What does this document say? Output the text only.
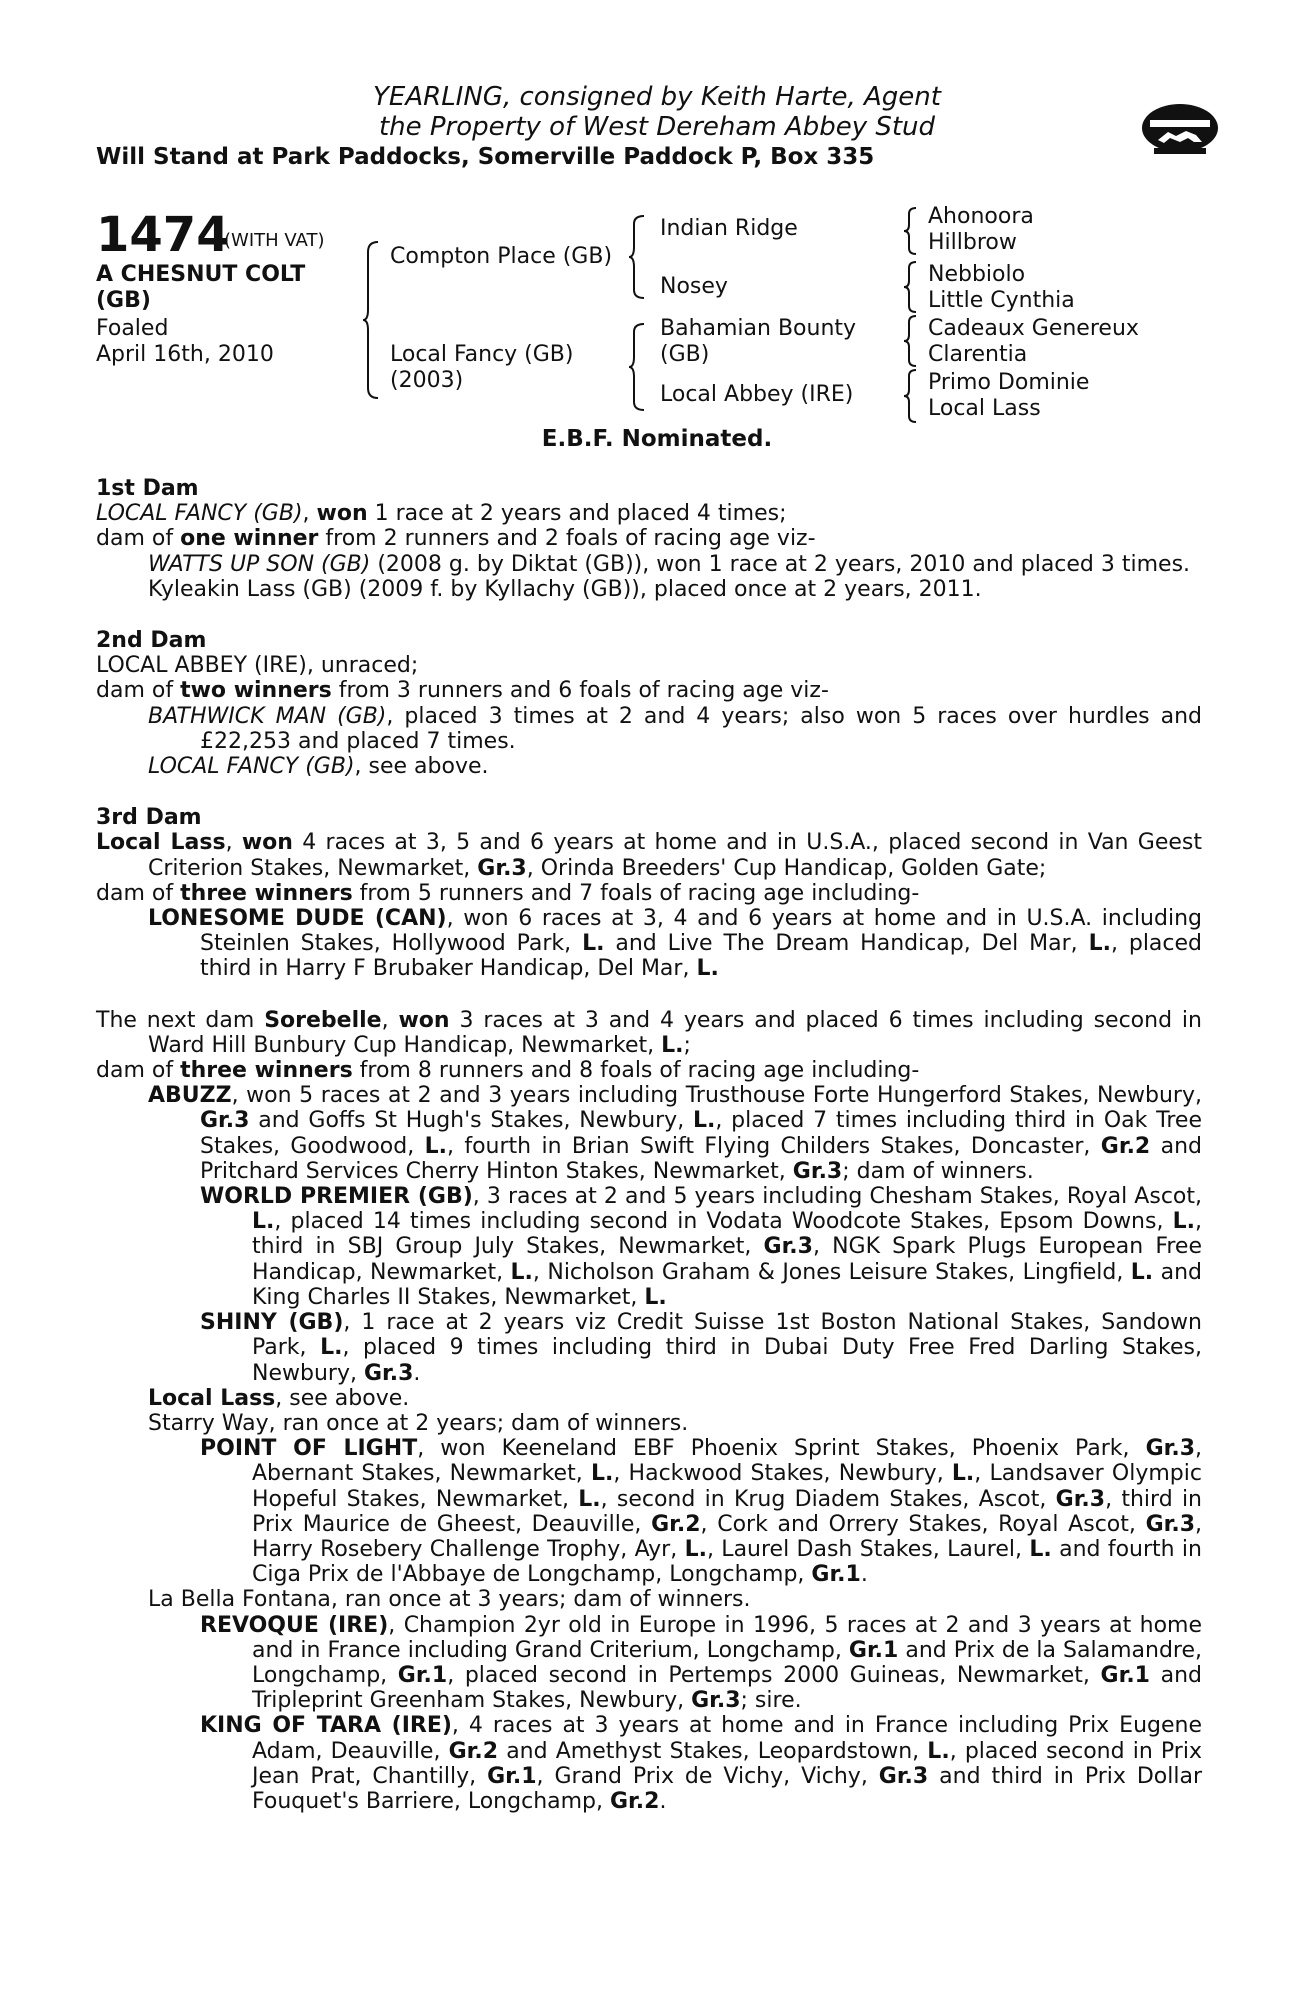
YEARLING, consigned by Keith Harte, Agent
the Property of West Dereham Abbey Stud
Will Stand at Park Paddocks, Somerville Paddock P, Box 335
1474
(WITH VAT)
A CHESNUT COLT
(GB)
Foaled
April 16th, 2010
Compton Place (GB)
Local Fancy (GB)
(2003)
Indian Ridge
Nosey
Bahamian Bounty
(GB)
Local Abbey (IRE)
Ahonoora
Hillbrow
Nebbiolo
Little Cynthia
Cadeaux Genereux
Clarentia
Primo Dominie
Local Lass
E.B.F. Nominated.

1st Dam

LOCAL FANCY (GB), won 1 race at 2 years and placed 4 times;

dam of one winner from 2 runners and 2 foals of racing age viz-

WATTS UP SON (GB) (2008 g. by Diktat (GB)), won 1 race at 2 years, 2010 and placed 3 times.

Kyleakin Lass (GB) (2009 f. by Kyllachy (GB)), placed once at 2 years, 2011.

2nd Dam

LOCAL ABBEY (IRE), unraced;

dam of two winners from 3 runners and 6 foals of racing age viz-

BATHWICK MAN (GB), placed 3 times at 2 and 4 years; also won 5 races over hurdles and £22,253 and placed 7 times.

LOCAL FANCY (GB), see above.

3rd Dam

Local Lass, won 4 races at 3, 5 and 6 years at home and in U.S.A., placed second in Van Geest Criterion Stakes, Newmarket, Gr.3, Orinda Breeders' Cup Handicap, Golden Gate;

dam of three winners from 5 runners and 7 foals of racing age including-

LONESOME DUDE (CAN), won 6 races at 3, 4 and 6 years at home and in U.S.A. including Steinlen Stakes, Hollywood Park, L. and Live The Dream Handicap, Del Mar, L., placed third in Harry F Brubaker Handicap, Del Mar, L.

The next dam Sorebelle, won 3 races at 3 and 4 years and placed 6 times including second in Ward Hill Bunbury Cup Handicap, Newmarket, L.;

dam of three winners from 8 runners and 8 foals of racing age including-

ABUZZ, won 5 races at 2 and 3 years including Trusthouse Forte Hungerford Stakes, Newbury, Gr.3 and Goffs St Hugh's Stakes, Newbury, L., placed 7 times including third in Oak Tree Stakes, Goodwood, L., fourth in Brian Swift Flying Childers Stakes, Doncaster, Gr.2 and Pritchard Services Cherry Hinton Stakes, Newmarket, Gr.3; dam of winners.

WORLD PREMIER (GB), 3 races at 2 and 5 years including Chesham Stakes, Royal Ascot, L., placed 14 times including second in Vodata Woodcote Stakes, Epsom Downs, L., third in SBJ Group July Stakes, Newmarket, Gr.3, NGK Spark Plugs European Free Handicap, Newmarket, L., Nicholson Graham & Jones Leisure Stakes, Lingfield, L. and King Charles II Stakes, Newmarket, L.

SHINY (GB), 1 race at 2 years viz Credit Suisse 1st Boston National Stakes, Sandown Park, L., placed 9 times including third in Dubai Duty Free Fred Darling Stakes, Newbury, Gr.3.

Local Lass, see above.

Starry Way, ran once at 2 years; dam of winners.

POINT OF LIGHT, won Keeneland EBF Phoenix Sprint Stakes, Phoenix Park, Gr.3, Abernant Stakes, Newmarket, L., Hackwood Stakes, Newbury, L., Landsaver Olympic Hopeful Stakes, Newmarket, L., second in Krug Diadem Stakes, Ascot, Gr.3, third in Prix Maurice de Gheest, Deauville, Gr.2, Cork and Orrery Stakes, Royal Ascot, Gr.3, Harry Rosebery Challenge Trophy, Ayr, L., Laurel Dash Stakes, Laurel, L. and fourth in Ciga Prix de l'Abbaye de Longchamp, Longchamp, Gr.1.

La Bella Fontana, ran once at 3 years; dam of winners.

REVOQUE (IRE), Champion 2yr old in Europe in 1996, 5 races at 2 and 3 years at home and in France including Grand Criterium, Longchamp, Gr.1 and Prix de la Salamandre, Longchamp, Gr.1, placed second in Pertemps 2000 Guineas, Newmarket, Gr.1 and Tripleprint Greenham Stakes, Newbury, Gr.3; sire.

KING OF TARA (IRE), 4 races at 3 years at home and in France including Prix Eugene Adam, Deauville, Gr.2 and Amethyst Stakes, Leopardstown, L., placed second in Prix Jean Prat, Chantilly, Gr.1, Grand Prix de Vichy, Vichy, Gr.3 and third in Prix Dollar Fouquet's Barriere, Longchamp, Gr.2.
